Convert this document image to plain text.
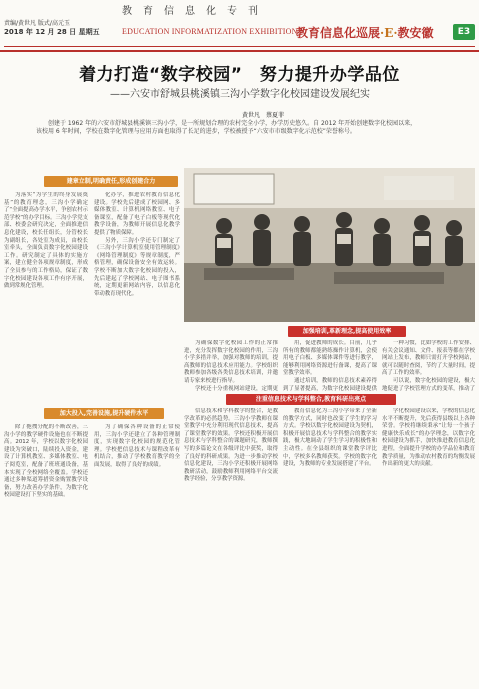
教育信息化专刊
责编/黄世凡 版式/高元玉
2018 年 12 月 28 日 星期五	EDUCATION INFORMATIZATION EXHIBITION
教育信息化巡展·E·教安徽	E3
着力打造“数字校园”　努力提升办学品位
——六安市舒城县桃溪镇三沟小学数字化校园建设发展纪实
黄世凡　蔡夏菲
创建于 1962 年的六安市舒城县桃溪镇三沟小学，是一所规划合理的农村完全小学，办学历史悠久。自 2012 年开始创建数字化校园以来，该校用 6 年时间，学校在数字化管理与应用方面也取得了长足的进步，学校被授予“六安市市级数字化示范校”荣誉称号。
建章立制,明确责任,形成创建合力

为落实“为学生的终身发展奠基”的教育理念，三沟小学确定了“全面提高办学水平，争创农村示范学校”的办学目标。三沟小学党支部、校委会研究决定，全面推进信息化建设，校长任组长，分管校长为副组长，各处室为成员，由校长室牵头，全面负责数字化校园建设工作。研究制定了具体的实施方案，建立健全各项规章制度，形成了全员参与的工作格局，保证了数字化校园建设各项工作有序开展，做到常规化管理。

化办学，推进农村教育信息化建设。学校先后建成了校园网、多媒体教室、计算机网络教室、电子备课室，配备了电子白板等现代化教学设备，为教师开展信息化教学提供了物质保障。

另外，三沟小学还专门制定了《三沟小学计算机室使用管理制度》《网络管理制度》等规章制度，严格管理，确保设备安全有效运转。学校不断加大数字化校园的投入，先后建起了学校网站、电子图书系统，定期更新网站内容，以信息化带动教育现代化。

加大投入,完善设施,提升硬件水平

除了拖拽分配的不断改善，三沟小学的教学硬件设施也在不断提高。2012 年，学校以数字化校园建设为突破口，陆续投入资金，建设了计算机教室、多媒体教室、电子阅览室，配备了班班通设备，基本实现了全校网络全覆盖。学校还通过多种渠道筹措资金购置教学设备，努力改善办学条件，为数字化校园建设打下坚实的基础。

为了确保各种设备的正常使用，三沟小学还建立了各种管理制度，实现数字化校园的规范化管理。学校把信息技术与课程改革有机结合，推动了学校教育教学的全面发展，取得了良好的成绩。

加强培训,革新理念,提高使用效率

为确保数字化校园工作的正常推进，充分发挥数字化校园的作用，三沟小学多措并举，加强对教师的培训，提高教师的信息技术应用能力。学校组织教师参加各级各类信息技术培训，并邀请专家来校进行指导。

学校还十分重视网站建设，定期更

用，促进教师的成长。目前，几乎所有的教师都能熟练操作计算机，会使用电子白板、多媒体课件等进行教学，能够利用网络资源进行备课，提高了课堂教学效率。

通过培训，教师的信息技术素养得到了显著提高，为数字化校园建设提供

一种习惯，比如学校的工作安排、有关会议通知、文件、报表等都在学校网站上发布，教师只需打开学校网站，就可以随时查阅，节约了大量时间，提高了工作的效率。

可以说，数字化校园的建设，极大地促进了学校管理方式的变革，推动了

注重信息技术与学科整合,教育科研出亮点

信息技术和学科教学的整合，是教学改革的必然趋势。三沟小学教师在课堂教学中充分利用现代信息技术，提高了课堂教学的效果。学校还积极开展信息技术与学科整合的课题研究，教师撰写的多篇论文在各级评比中获奖，取得了良好的科研成果。为进一步推动学校信息化建设，三沟小学还积极开展网络教研活动，鼓励教师利用网络平台交流教学经验，分享教学资源。

教育信息化为三沟小学带来了全新的教学方式，同时也改变了学生的学习方式。学校以数字化校园建设为契机，积极开展信息技术与学科整合的教学实践，极大地调动了学生学习的积极性和主动性。在全县组织的课堂教学评比中，学校多名教师获奖。学校的数字化建设，为教师的专业发展搭建了平台。

学化校园建设以来，学校的信息化水平不断提升，先后获得县级以上各种荣誉。学校将继续秉承“让每一个孩子健康快乐成长”的办学理念，以数字化校园建设为抓手，加快推进教育信息化进程，全面提升学校的办学品位和教育教学质量，为推动农村教育的均衡发展作出新的更大的贡献。
